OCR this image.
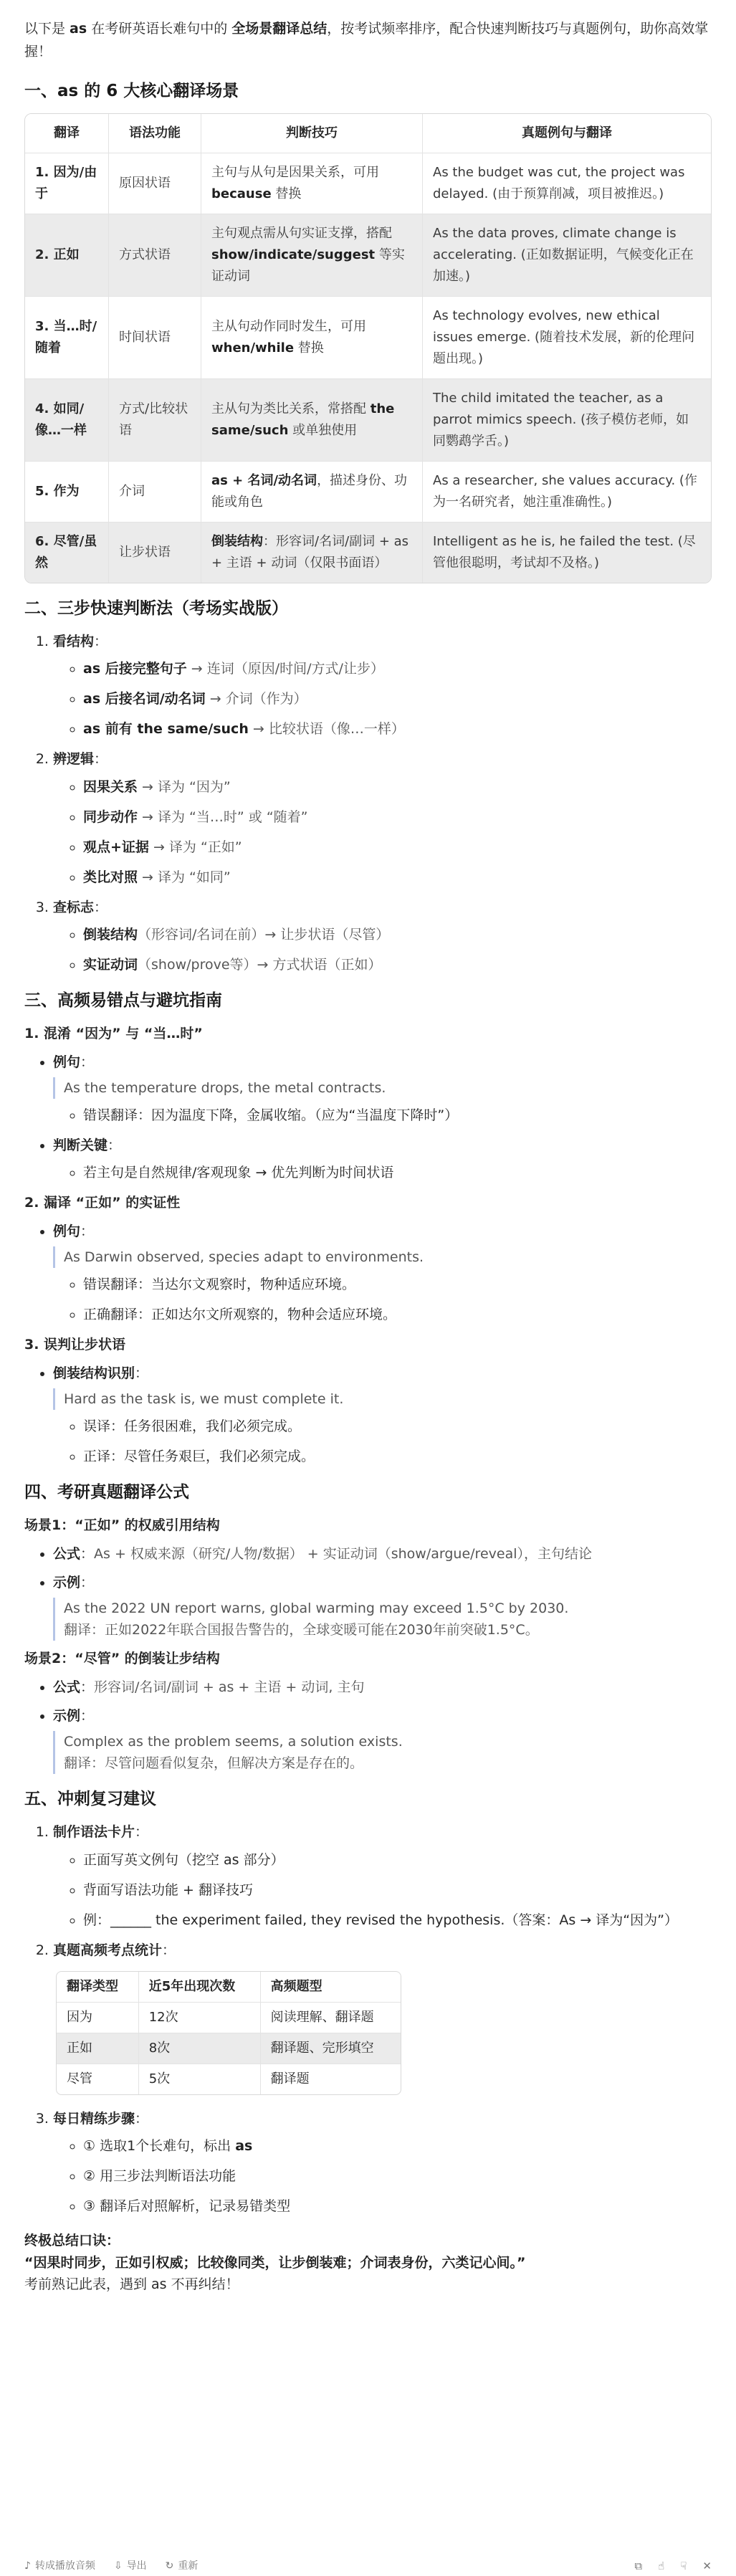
以下是 as 在考研英语长难句中的 全场景翻译总结，按考试频率排序，配合快速判断技巧与真题例句，助你高效掌握！

一、as 的 6 大核心翻译场景
翻译	语法功能	判断技巧	真题例句与翻译
1. 因为/由于	原因状语	主句与从句是因果关系，可用 because 替换	As the budget was cut, the project was delayed. (由于预算削减，项目被推迟。)
2. 正如	方式状语	主句观点需从句实证支撑，搭配 show/indicate/suggest 等实证动词	As the data proves, climate change is accelerating. (正如数据证明，气候变化正在加速。)
3. 当…时/随着	时间状语	主从句动作同时发生，可用 when/while 替换	As technology evolves, new ethical issues emerge. (随着技术发展，新的伦理问题出现。)
4. 如同/像…一样	方式/比较状语	主从句为类比关系，常搭配 the same/such 或单独使用	The child imitated the teacher, as a parrot mimics speech. (孩子模仿老师，如同鹦鹉学舌。)
5. 作为	介词	as + 名词/动名词，描述身份、功能或角色	As a researcher, she values accuracy. (作为一名研究者，她注重准确性。)
6. 尽管/虽然	让步状语	倒装结构：形容词/名词/副词 + as + 主语 + 动词（仅限书面语）	Intelligent as he is, he failed the test. (尽管他很聪明，考试却不及格。)
二、三步快速判断法（考场实战版）
1. 看结构：
◦ as 后接完整句子 → 连词（原因/时间/方式/让步）
◦ as 后接名词/动名词 → 介词（作为）
◦ as 前有 the same/such → 比较状语（像…一样）
2. 辨逻辑：
◦ 因果关系 → 译为 “因为”
◦ 同步动作 → 译为 “当…时” 或 “随着”
◦ 观点+证据 → 译为 “正如”
◦ 类比对照 → 译为 “如同”
3. 查标志：
◦ 倒装结构（形容词/名词在前）→ 让步状语（尽管）
◦ 实证动词（show/prove等）→ 方式状语（正如）
三、高频易错点与避坑指南
1. 混淆 “因为” 与 “当…时”
• 例句：
As the temperature drops, the metal contracts.
◦ 错误翻译：因为温度下降，金属收缩。（应为“当温度下降时”）
• 判断关键：
◦ 若主句是自然规律/客观现象 → 优先判断为时间状语
2. 漏译 “正如” 的实证性
• 例句：
As Darwin observed, species adapt to environments.
◦ 错误翻译：当达尔文观察时，物种适应环境。
◦ 正确翻译：正如达尔文所观察的，物种会适应环境。
3. 误判让步状语
• 倒装结构识别：
Hard as the task is, we must complete it.
◦ 误译：任务很困难，我们必须完成。
◦ 正译：尽管任务艰巨，我们必须完成。
四、考研真题翻译公式

场景1：“正如” 的权威引用结构

• 公式：As + 权威来源（研究/人物/数据） + 实证动词（show/argue/reveal），主句结论
• 示例：
As the 2022 UN report warns, global warming may exceed 1.5°C by 2030.
翻译：正如2022年联合国报告警告的，全球变暖可能在2030年前突破1.5°C。

场景2：“尽管” 的倒装让步结构

• 公式：形容词/名词/副词 + as + 主语 + 动词, 主句
• 示例：
Complex as the problem seems, a solution exists.
翻译：尽管问题看似复杂，但解决方案是存在的。
五、冲刺复习建议
1. 制作语法卡片：
◦ 正面写英文例句（挖空 as 部分）
◦ 背面写语法功能 + 翻译技巧
◦ 例：______ the experiment failed, they revised the hypothesis.（答案：As → 译为“因为”）
2. 真题高频考点统计：
翻译类型	近5年出现次数	高频题型
因为	12次	阅读理解、翻译题
正如	8次	翻译题、完形填空
尽管	5次	翻译题
3. 每日精练步骤：
◦ ① 选取1个长难句，标出 as
◦ ② 用三步法判断语法功能
◦ ③ 翻译后对照解析，记录易错类型

终极总结口诀：

“因果时同步，正如引权威；比较像同类，让步倒装难；介词表身份，六类记心间。”

考前熟记此表，遇到 as 不再纠结！

♪ 转成播放音频 ⇩ 导出 ↻ 重新	⧉ ☝ ☟ ✕
